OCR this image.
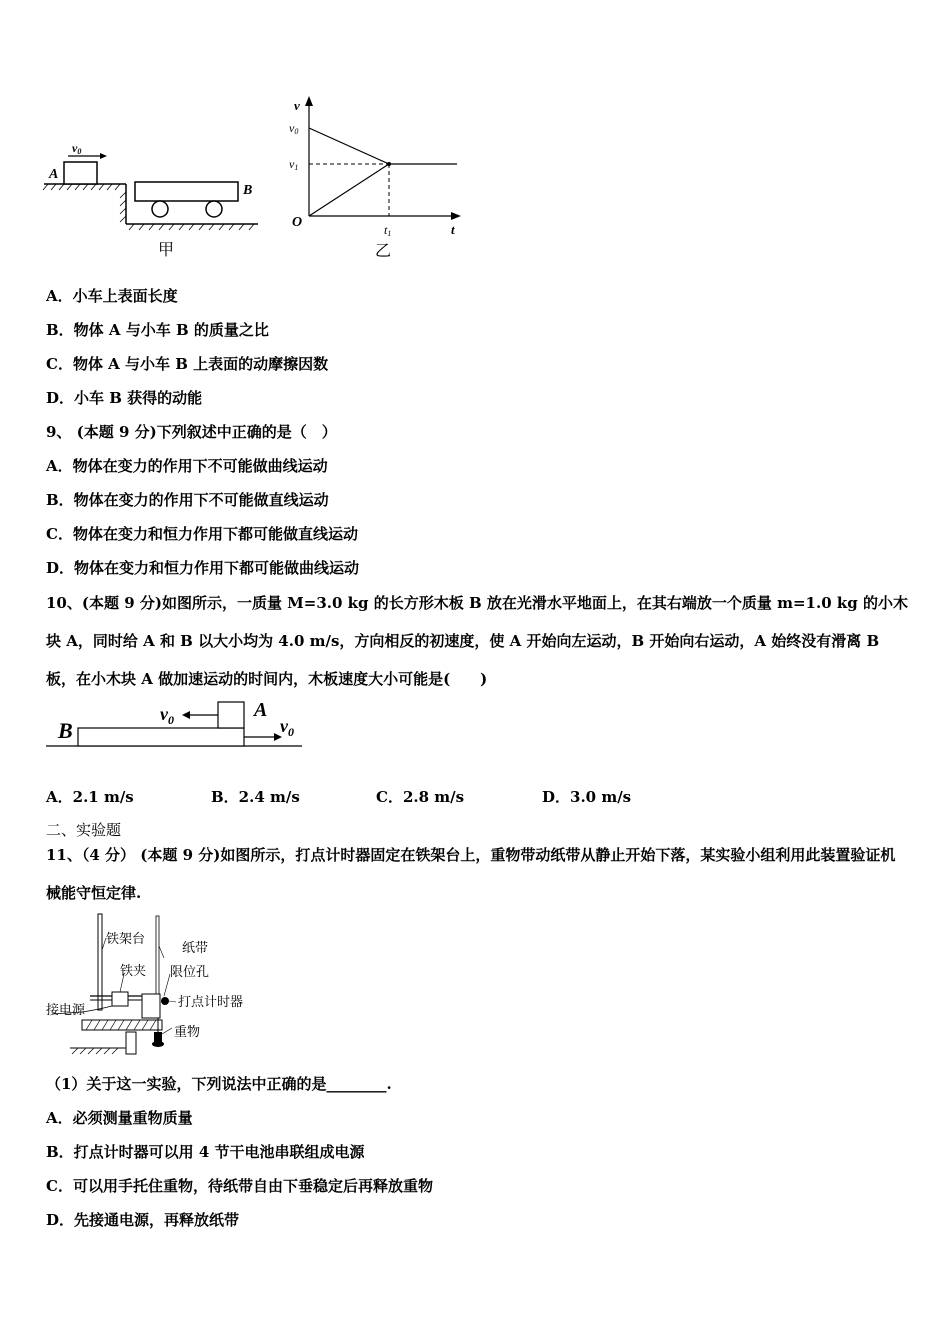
v0
A
B
甲
v
t
v0
v1
O	t1
乙
A．小车上表面长度
B．物体 A 与小车 B 的质量之比
C．物体 A 与小车 B 上表面的动摩擦因数
D．小车 B 获得的动能
9、 (本题 9 分)下列叙述中正确的是（　）
A．物体在变力的作用下不可能做曲线运动
B．物体在变力的作用下不可能做直线运动
C．物体在变力和恒力作用下都可能做直线运动
D．物体在变力和恒力作用下都可能做曲线运动
10、(本题 9 分)如图所示，一质量 M=3.0 kg 的长方形木板 B 放在光滑水平地面上，在其右端放一个质量 m=1.0 kg 的小木块 A，同时给 A 和 B 以大小均为 4.0 m/s，方向相反的初速度，使 A 开始向左运动，B 开始向右运动，A 始终没有滑离 B 板，在小木块 A 做加速运动的时间内，木板速度大小可能是(　　)
B
A
$v_0$	$v_0$
A．2.1 m/s	B．2.4 m/s	C．2.8 m/s	D．3.0 m/s
二、实验题
11、（4 分） (本题 9 分)如图所示，打点计时器固定在铁架台上，重物带动纸带从静止开始下落，某实验小组利用此装置验证机械能守恒定律.
铁架台
纸带
铁夹 限位孔
接电源
打点计时器
重物
（1）关于这一实验，下列说法中正确的是________.
A．必须测量重物质量
B．打点计时器可以用 4 节干电池串联组成电源
C．可以用手托住重物，待纸带自由下垂稳定后再释放重物
D．先接通电源，再释放纸带
